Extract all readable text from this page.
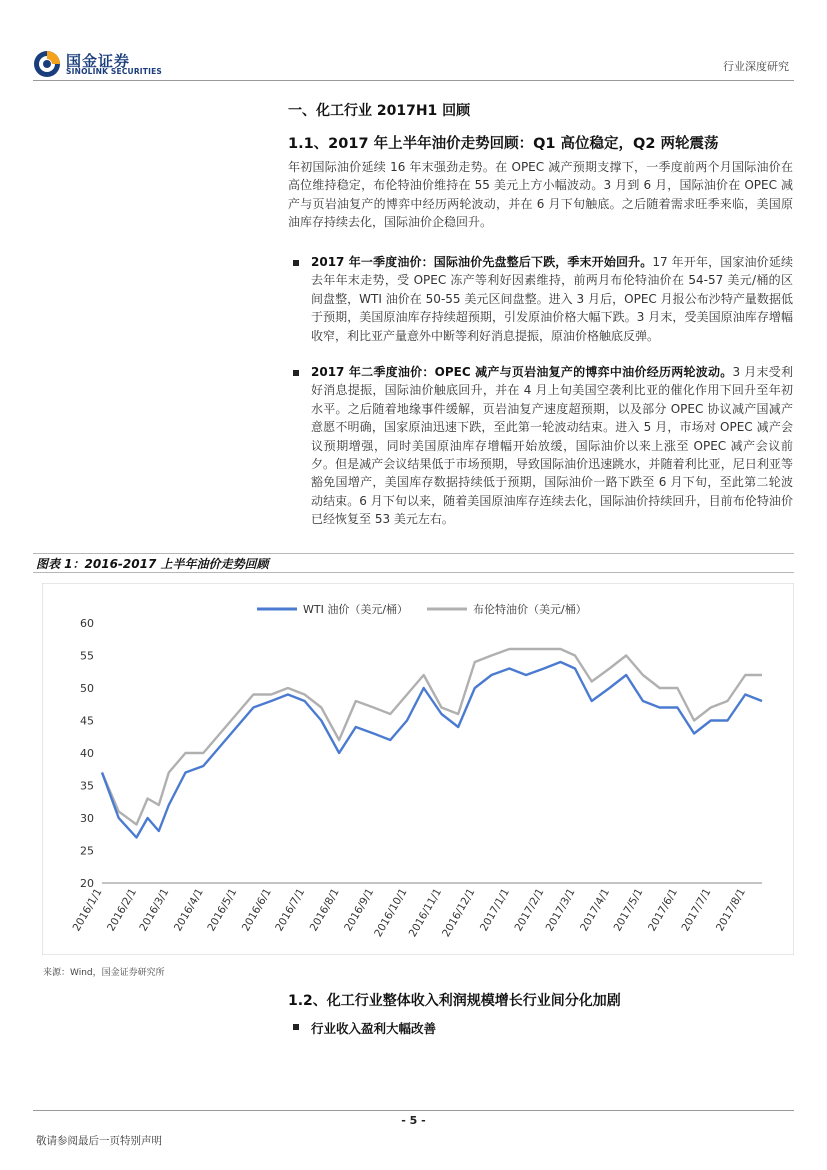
国金证券
SINOLINK SECURITIES	行业深度研究
一、化工行业 2017H1 回顾
1.1、2017 年上半年油价走势回顾：Q1 高位稳定，Q2 两轮震荡
年初国际油价延续 16 年末强劲走势。在 OPEC 减产预期支撑下，一季度前两个月国际油价在高位维持稳定，布伦特油价维持在 55 美元上方小幅波动。3 月到 6 月，国际油价在 OPEC 减产与页岩油复产的博弈中经历两轮波动，并在 6 月下旬触底。之后随着需求旺季来临，美国原油库存持续去化，国际油价企稳回升。
2017 年一季度油价：国际油价先盘整后下跌，季末开始回升。17 年开年，国家油价延续去年年末走势，受 OPEC 冻产等利好因素维持，前两月布伦特油价在 54-57 美元/桶的区间盘整，WTI 油价在 50-55 美元区间盘整。进入 3 月后，OPEC 月报公布沙特产量数据低于预期，美国原油库存持续超预期，引发原油价格大幅下跌。3 月末，受美国原油库存增幅收窄，利比亚产量意外中断等利好消息提振，原油价格触底反弹。
2017 年二季度油价：OPEC 减产与页岩油复产的博弈中油价经历两轮波动。3 月末受利好消息提振，国际油价触底回升，并在 4 月上旬美国空袭利比亚的催化作用下回升至年初水平。之后随着地缘事件缓解，页岩油复产速度超预期，以及部分 OPEC 协议减产国减产意愿不明确，国家原油迅速下跌，至此第一轮波动结束。进入 5 月，市场对 OPEC 减产会议预期增强，同时美国原油库存增幅开始放缓，国际油价以来上涨至 OPEC 减产会议前夕。但是减产会议结果低于市场预期，导致国际油价迅速跳水，并随着利比亚，尼日利亚等豁免国增产，美国库存数据持续低于预期，国际油价一路下跌至 6 月下旬，至此第二轮波动结束。6 月下旬以来，随着美国原油库存连续去化，国际油价持续回升，目前布伦特油价已经恢复至 53 美元左右。
图表 1：2016-2017 上半年油价走势回顾
WTI 油价（美元/桶）	布伦特油价（美元/桶）
60
55
50
45
40
35
30
25
20
2016/1/1 2016/2/1
2016/3/1 2016/4/1 2016/5/1 2016/6/1 2016/7/1 2016/8/1 2016/9/1
2016/10/1
2016/11/1
2016/12/1 2017/1/1 2017/2/1
2017/3/1 2017/4/1 2017/5/1 2017/6/1 2017/7/1 2017/8/1
来源：Wind，国金证券研究所
1.2、化工行业整体收入利润规模增长行业间分化加剧
行业收入盈利大幅改善
- 5 -
敬请参阅最后一页特别声明
